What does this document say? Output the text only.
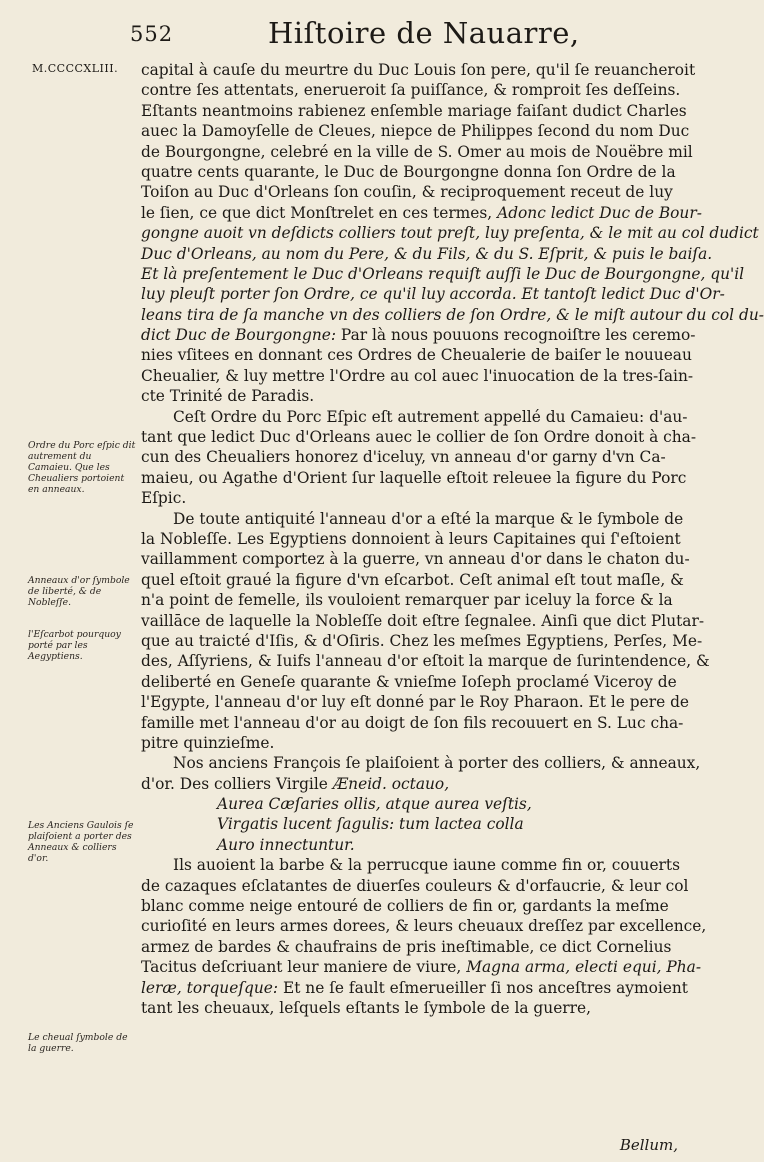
552	Hiſtoire de Nauarre,
M.CCCCXLIII.
Ordre du Porc eſpic dit autrement du Camaieu. Que les Cheualiers portoient en anneaux.
Anneaux d'or ſymbole de liberté, & de Nobleſſe.
l'Eſcarbot pourquoy porté par les Aegyptiens.
Les Anciens Gaulois ſe plaiſoient a porter des Anneaux & colliers d'or.
Le cheual ſymbole de la guerre.
capital à cauſe du meurtre du Duc Louis ſon pere, qu'il ſe reuancheroit
contre ſes attentats, enerueroit ſa puiſſance, & romproit ſes deſſeins.
Eſtants neantmoins rabienez enſemble mariage faiſant dudict Charles
auec la Damoyſelle de Cleues, niepce de Philippes ſecond du nom Duc
de Bourgongne, celebré en la ville de S. Omer au mois de Nouëbre mil
quatre cents quarante, le Duc de Bourgongne donna ſon Ordre de la
Toiſon au Duc d'Orleans ſon couſin, & reciproquement receut de luy
le ſien, ce que dict Monſtrelet en ces termes, Adonc ledict Duc de Bour-
gongne auoit vn deſdicts colliers tout preſt, luy preſenta, & le mit au col dudict
Duc d'Orleans, au nom du Pere, & du Fils, & du S. Eſprit, & puis le baiſa.
Et là preſentement le Duc d'Orleans requiſt auſſi le Duc de Bourgongne, qu'il
luy pleuſt porter ſon Ordre, ce qu'il luy accorda. Et tantoſt ledict Duc d'Or-
leans tira de ſa manche vn des colliers de ſon Ordre, & le miſt autour du col du-
dict Duc de Bourgongne: Par là nous pouuons recognoiſtre les ceremo-
nies vſitees en donnant ces Ordres de Cheualerie de baiſer le nouueau
Cheualier, & luy mettre l'Ordre au col auec l'inuocation de la tres-ſain-
cte Trinité de Paradis.
Ceſt Ordre du Porc Eſpic eſt autrement appellé du Camaieu: d'au-
tant que ledict Duc d'Orleans auec le collier de ſon Ordre donoit à cha-
cun des Cheualiers honorez d'iceluy, vn anneau d'or garny d'vn Ca-
maieu, ou Agathe d'Orient ſur laquelle eſtoit releuee la figure du Porc
Eſpic.
De toute antiquité l'anneau d'or a eſté la marque & le ſymbole de
la Nobleſſe. Les Egyptiens donnoient à leurs Capitaines qui ſ'eſtoient
vaillamment comportez à la guerre, vn anneau d'or dans le chaton du-
quel eſtoit graué la figure d'vn eſcarbot. Ceſt animal eſt tout maſle, &
n'a point de femelle, ils vouloient remarquer par iceluy la force & la
vaillāce de laquelle la Nobleſſe doit eſtre ſegnalee. Ainſi que dict Plutar-
que au traicté d'Iſis, & d'Oſiris. Chez les meſmes Egyptiens, Perſes, Me-
des, Aſſyriens, & Iuifs l'anneau d'or eſtoit la marque de ſurintendence, &
deliberté en Geneſe quarante & vnieſme Ioſeph proclamé Viceroy de
l'Egypte, l'anneau d'or luy eſt donné par le Roy Pharaon. Et le pere de
famille met l'anneau d'or au doigt de ſon fils recouuert en S. Luc cha-
pitre quinzieſme.
Nos anciens François ſe plaiſoient à porter des colliers, & anneaux,
d'or. Des colliers Virgile Æneid. octauo,
Aurea Cæſaries ollis, atque aurea veſtis,
Virgatis lucent ſagulis: tum lactea colla
Auro innectuntur.
Ils auoient la barbe & la perrucque iaune comme fin or, couuerts
de cazaques eſclatantes de diuerſes couleurs & d'orfaucrie, & leur col
blanc comme neige entouré de colliers de fin or, gardants la meſme
curioſité en leurs armes dorees, & leurs cheuaux dreſſez par excellence,
armez de bardes & chaufrains de pris ineſtimable, ce dict Cornelius
Tacitus deſcriuant leur maniere de viure, Magna arma, electi equi, Pha-
leræ, torqueſque: Et ne ſe fault eſmerueiller ſi nos anceſtres aymoient
tant les cheuaux, leſquels eſtants le ſymbole de la guerre,
Bellum,
